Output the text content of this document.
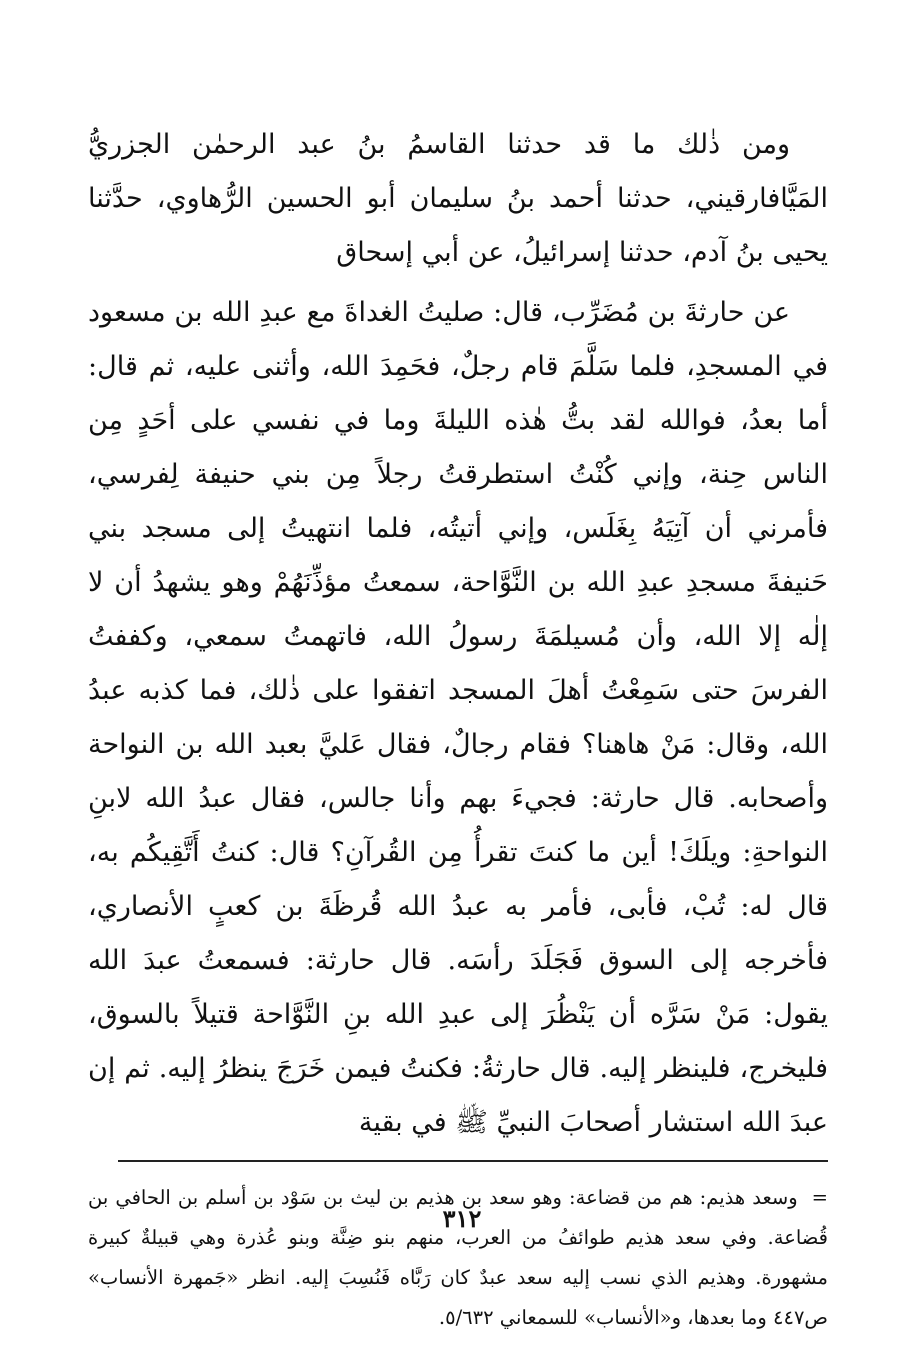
ومن ذٰلك ما قد حدثنا القاسمُ بنُ عبد الرحمٰن الجزريُّ المَيَّافارقيني، حدثنا أحمد بنُ سليمان أبو الحسين الرُّهاوي، حدَّثنا يحيى بنُ آدم، حدثنا إسرائيلُ، عن أبي إسحاق

عن حارثةَ بن مُضَرِّب، قال: صليتُ الغداةَ مع عبدِ الله بن مسعود في المسجدِ، فلما سَلَّمَ قام رجلٌ، فحَمِدَ الله، وأثنى عليه، ثم قال: أما بعدُ، فوالله لقد بتُّ هٰذه الليلةَ وما في نفسي على أحَدٍ مِن الناس حِنة، وإني كُنْتُ استطرقتُ رجلاً مِن بني حنيفة لِفرسي، فأمرني أن آتِيَهُ بِغَلَس، وإني أتيتُه، فلما انتهيتُ إلى مسجد بني حَنيفةَ مسجدِ عبدِ الله بن النَّوَّاحة، سمعتُ مؤذِّنَهُمْ وهو يشهدُ أن لا إلٰه إلا الله، وأن مُسيلمَةَ رسولُ الله، فاتهمتُ سمعي، وكففتُ الفرسَ حتى سَمِعْتُ أهلَ المسجد اتفقوا على ذٰلك، فما كذبه عبدُ الله، وقال: مَنْ هاهنا؟ فقام رجالٌ، فقال عَليَّ بعبد الله بن النواحة وأصحابه. قال حارثة: فجيءَ بهم وأنا جالس، فقال عبدُ الله لابنِ النواحةِ: ويلَكَ! أين ما كنتَ تقرأُ مِن القُرآنِ؟ قال: كنتُ أَتَّقِيكُم به، قال له: تُبْ، فأبى، فأمر به عبدُ الله قُرظَةَ بن كعبٍ الأنصاري، فأخرجه إلى السوق فَجَلَدَ رأسَه. قال حارثة: فسمعتُ عبدَ الله يقول: مَنْ سَرَّه أن يَنْظُرَ إلى عبدِ الله بنِ النَّوَّاحة قتيلاً بالسوق، فليخرج، فلينظر إليه. قال حارثةُ: فكنتُ فيمن خَرَجَ ينظرُ إليه. ثم إن عبدَ الله استشار أصحابَ النبيِّ ﷺ في بقية

=وسعد هذيم: هم من قضاعة: وهو سعد بن هذيم بن ليث بن سَوْد بن أسلم بن الحافي بن قُضاعة. وفي سعد هذيم طوائفُ من العرب، منهم بنو ضِنَّة وبنو عُذرة وهي قبيلةٌ كبيرة مشهورة. وهذيم الذي نسب إليه سعد عبدٌ كان رَبَّاه فَنُسِبَ إليه. انظر «جَمهرة الأنساب» ص٤٤٧ وما بعدها، و«الأنساب» للسمعاني ٥/٦٣٢.

٣١٢
